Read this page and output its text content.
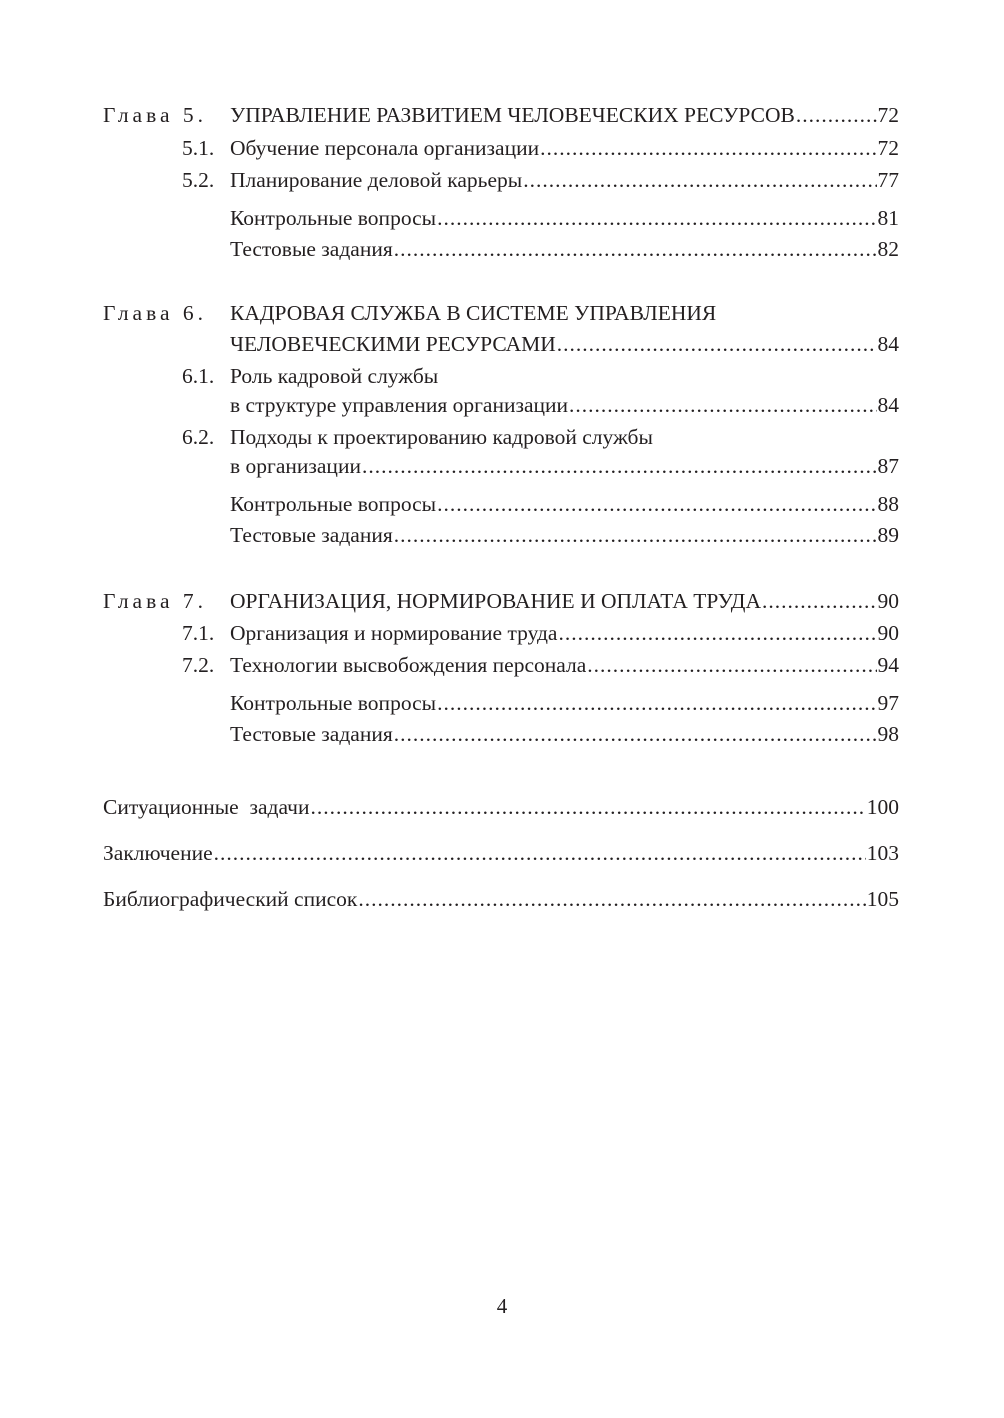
Глава 5. УПРАВЛЕНИЕ РАЗВИТИЕМ ЧЕЛОВЕЧЕСКИХ РЕСУРСОВ .....	72
5.1. Обучение персонала организации .....	72
5.2. Планирование деловой карьеры .....	77
Контрольные вопросы .....	81
Тестовые задания .....	82
Глава 6. КАДРОВАЯ СЛУЖБА В СИСТЕМЕ УПРАВЛЕНИЯ
ЧЕЛОВЕЧЕСКИМИ РЕСУРСАМИ .....	84
6.1. Роль кадровой службы
в структуре управления организации .....	84
6.2. Подходы к проектированию кадровой службы
в организации .....	87
Контрольные вопросы .....	88
Тестовые задания .....	89
Глава 7. ОРГАНИЗАЦИЯ, НОРМИРОВАНИЕ И ОПЛАТА ТРУДА .....	90
7.1. Организация и нормирование труда .....	90
7.2. Технологии высвобождения персонала .....	94
Контрольные вопросы .....	97
Тестовые задания .....	98
Ситуационные  задачи .....	100
Заключение .....	103
Библиографический список .....	105
4
